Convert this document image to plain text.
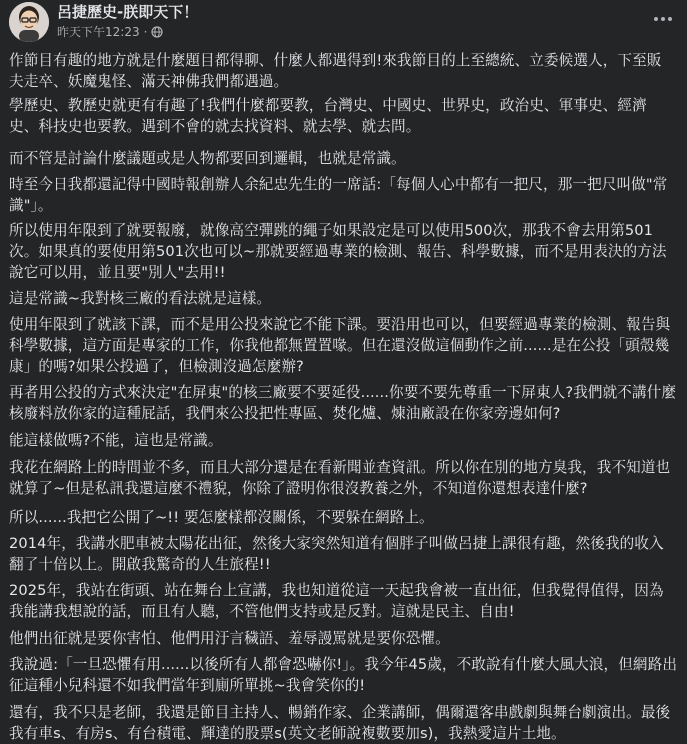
呂捷歷史-朕即天下！
昨天下午12:23 ·

作節目有趣的地方就是什麼題目都得聊、什麼人都遇得到!來我節目的上至總統、立委候選人，下至販
夫走卒、妖魔鬼怪、滿天神佛我們都遇過。

學歷史、教歷史就更有有趣了!我們什麼都要教，台灣史、中國史、世界史，政治史、軍事史、經濟
史、科技史也要教。遇到不會的就去找資料、就去學、就去問。

而不管是討論什麼議題或是人物都要回到邏輯，也就是常識。

時至今日我都還記得中國時報創辦人余紀忠先生的一席話:「每個人心中都有一把尺，那一把尺叫做"常
識"」。

所以使用年限到了就要報廢，就像高空彈跳的繩子如果設定是可以使用500次，那我不會去用第501
次。如果真的要使用第501次也可以~那就要經過專業的檢測、報告、科學數據，而不是用表決的方法
說它可以用，並且要"別人"去用!!

這是常識~我對核三廠的看法就是這樣。

使用年限到了就該下課，而不是用公投來說它不能下課。要沿用也可以，但要經過專業的檢測、報告與
科學數據，這方面是專家的工作，你我他都無置置喙。但在還沒做這個動作之前......是在公投「頭殼幾
康」的嗎?如果公投過了，但檢測沒過怎麼辦?

再者用公投的方式來決定"在屏東"的核三廠要不要延役......你要不要先尊重一下屏東人?我們就不講什麼
核廢料放你家的這種屁話，我們來公投把性專區、焚化爐、煉油廠設在你家旁邊如何?

能這樣做嗎?不能，這也是常識。

我花在網路上的時間並不多，而且大部分還是在看新聞並查資訊。所以你在別的地方臭我，我不知道也
就算了~但是私訊我還這麼不禮貌，你除了證明你很沒教養之外，不知道你還想表達什麼?

所以......我把它公開了~!! 要怎麼樣都沒關係，不要躲在網路上。

2014年，我講水肥車被太陽花出征，然後大家突然知道有個胖子叫做呂捷上課很有趣，然後我的收入
翻了十倍以上。開啟我驚奇的人生旅程!!

2025年，我站在街頭、站在舞台上宣講，我也知道從這一天起我會被一直出征，但我覺得值得，因為
我能講我想說的話，而且有人聽，不管他們支持或是反對。這就是民主、自由!

他們出征就是要你害怕、他們用汙言穢語、羞辱謾罵就是要你恐懼。

我說過:「一旦恐懼有用......以後所有人都會恐嚇你!」。我今年45歲，不敢說有什麼大風大浪，但網路出
征這種小兒科還不如我們當年到廁所單挑~我會笑你的!

還有，我不只是老師，我還是節目主持人、暢銷作家、企業講師，偶爾還客串戲劇與舞台劇演出。最後
我有車s、有房s、有台積電、輝達的股票s(英文老師說複數要加s)，我熱愛這片土地。
